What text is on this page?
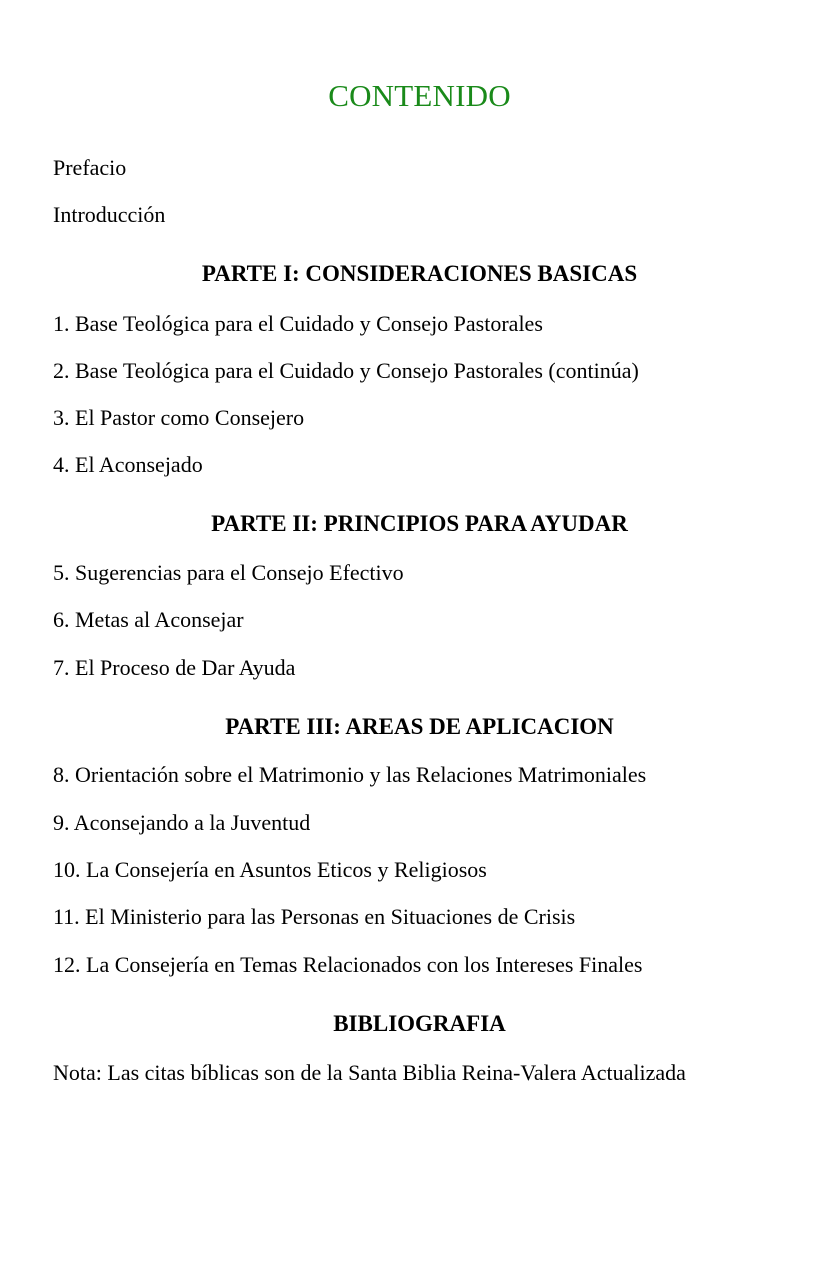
CONTENIDO
Prefacio
Introducción
PARTE I: CONSIDERACIONES BASICAS
1. Base Teológica para el Cuidado y Consejo Pastorales
2. Base Teológica para el Cuidado y Consejo Pastorales (continúa)
3. El Pastor como Consejero
4. El Aconsejado
PARTE II: PRINCIPIOS PARA AYUDAR
5. Sugerencias para el Consejo Efectivo
6. Metas al Aconsejar
7. El Proceso de Dar Ayuda
PARTE III: AREAS DE APLICACION
8. Orientación sobre el Matrimonio y las Relaciones Matrimoniales
9. Aconsejando a la Juventud
10. La Consejería en Asuntos Eticos y Religiosos
11. El Ministerio para las Personas en Situaciones de Crisis
12. La Consejería en Temas Relacionados con los Intereses Finales
BIBLIOGRAFIA
Nota: Las citas bíblicas son de la Santa Biblia Reina-Valera Actualizada
